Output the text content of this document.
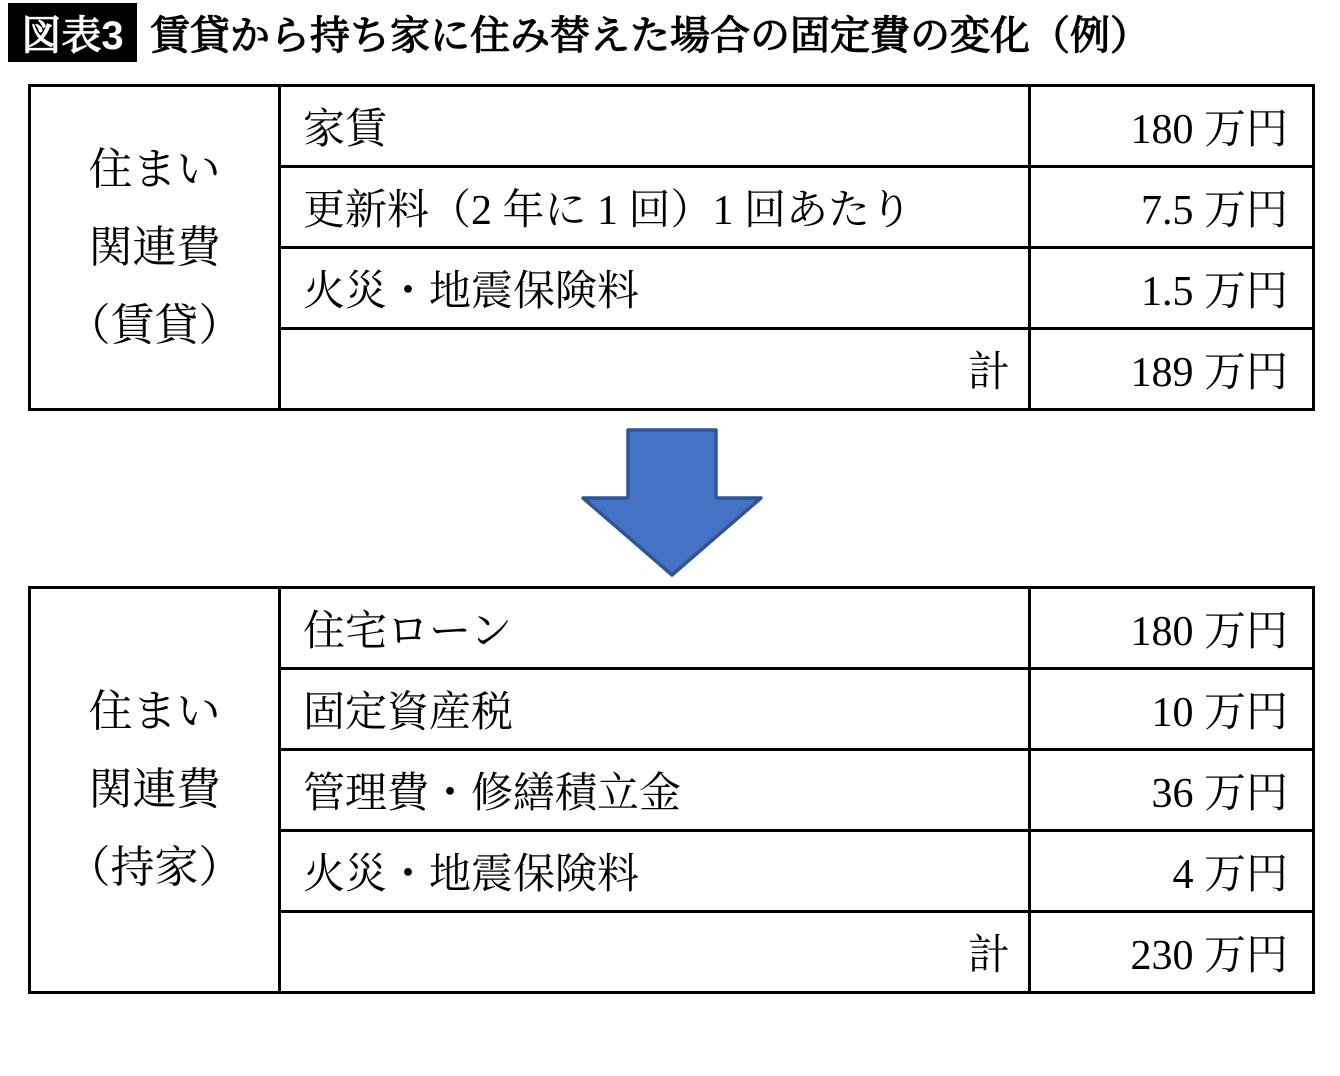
図表3 賃貸から持ち家に住み替えた場合の固定費の変化（例）
住まい
関連費
（賃貸）	家賃	180 万円
	更新料（2 年に 1 回）1 回あたり	7.5 万円
	火災・地震保険料	1.5 万円
	計	189 万円
住まい
関連費
（持家）	住宅ローン	180 万円
	固定資産税	10 万円
	管理費・修繕積立金	36 万円
	火災・地震保険料	4 万円
	計	230 万円
